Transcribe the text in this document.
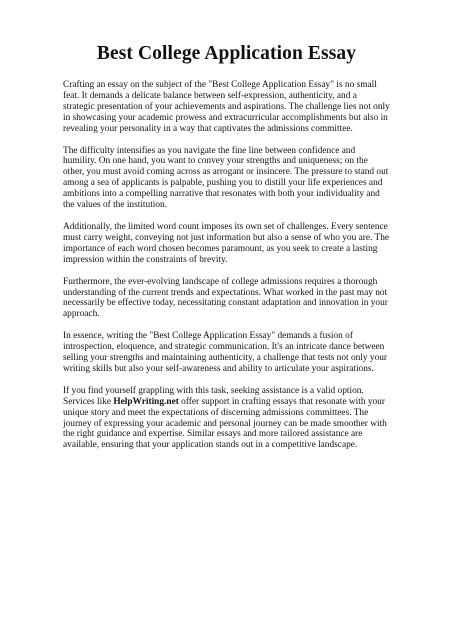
Best College Application Essay

Crafting an essay on the subject of the "Best College Application Essay" is no small feat. It demands a delicate balance between self-expression, authenticity, and a strategic presentation of your achievements and aspirations. The challenge lies not only in showcasing your academic prowess and extracurricular accomplishments but also in revealing your personality in a way that captivates the admissions committee.

The difficulty intensifies as you navigate the fine line between confidence and humility. On one hand, you want to convey your strengths and uniqueness; on the other, you must avoid coming across as arrogant or insincere. The pressure to stand out among a sea of applicants is palpable, pushing you to distill your life experiences and ambitions into a compelling narrative that resonates with both your individuality and the values of the institution.

Additionally, the limited word count imposes its own set of challenges. Every sentence must carry weight, conveying not just information but also a sense of who you are. The importance of each word chosen becomes paramount, as you seek to create a lasting impression within the constraints of brevity.

Furthermore, the ever-evolving landscape of college admissions requires a thorough understanding of the current trends and expectations. What worked in the past may not necessarily be effective today, necessitating constant adaptation and innovation in your approach.

In essence, writing the "Best College Application Essay" demands a fusion of introspection, eloquence, and strategic communication. It's an intricate dance between selling your strengths and maintaining authenticity, a challenge that tests not only your writing skills but also your self-awareness and ability to articulate your aspirations.

If you find yourself grappling with this task, seeking assistance is a valid option. Services like HelpWriting.net offer support in crafting essays that resonate with your unique story and meet the expectations of discerning admissions committees. The journey of expressing your academic and personal journey can be made smoother with the right guidance and expertise. Similar essays and more tailored assistance are available, ensuring that your application stands out in a competitive landscape.
